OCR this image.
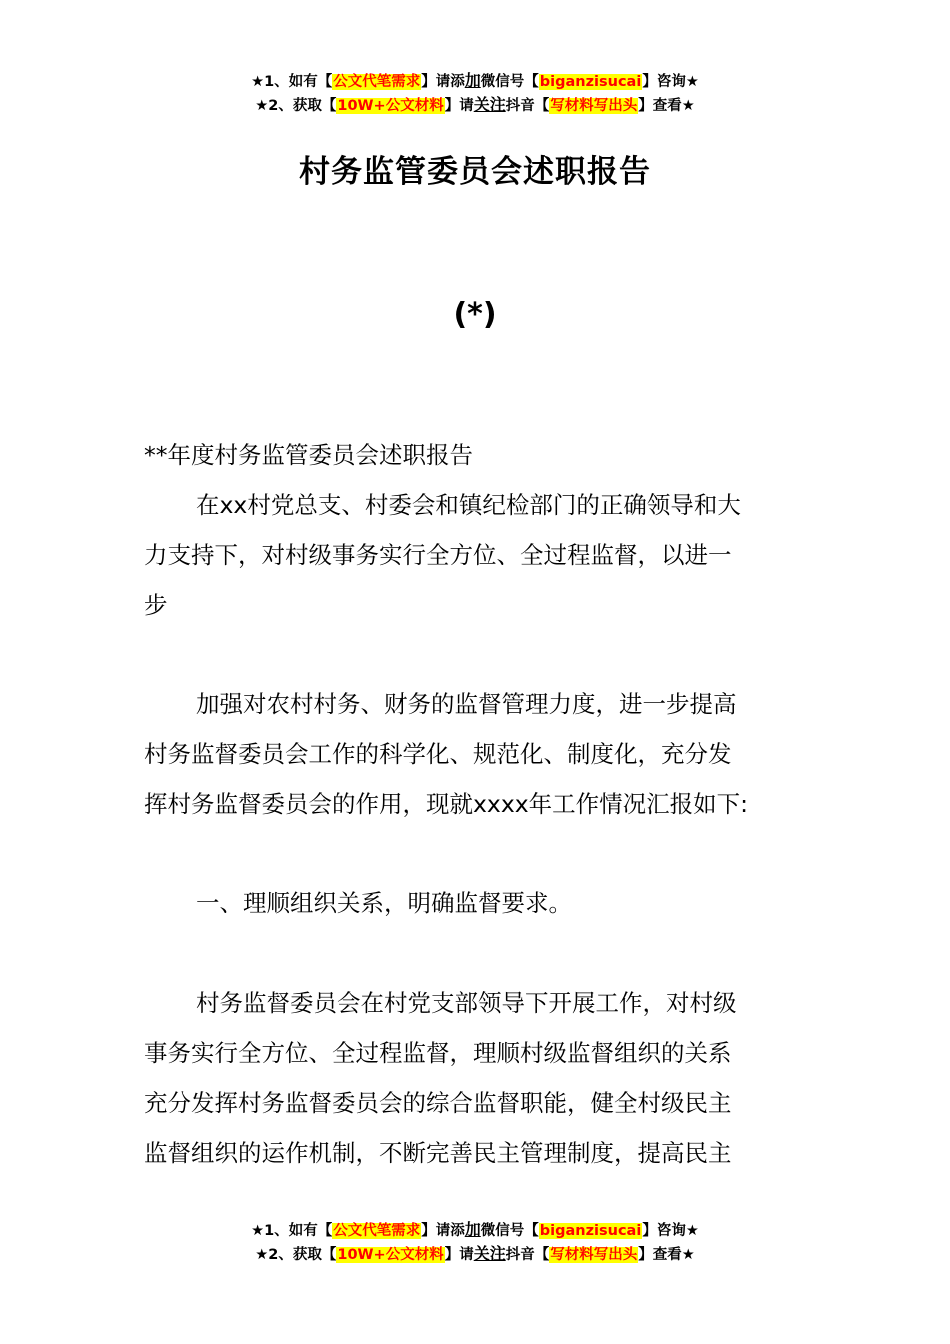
★1、如有【公文代笔需求】请添加微信号【biganzisucai】咨询★
★2、获取【10W+公文材料】请关注抖音【写材料写出头】查看★
村务监管委员会述职报告
(*)
**年度村务监管委员会述职报告
在xx村党总支、村委会和镇纪检部门的正确领导和大
力支持下，对村级事务实行全方位、全过程监督，以进一
步
加强对农村村务、财务的监督管理力度，进一步提高
村务监督委员会工作的科学化、规范化、制度化，充分发
挥村务监督委员会的作用，现就xxxx年工作情况汇报如下:
一、理顺组织关系，明确监督要求。
村务监督委员会在村党支部领导下开展工作，对村级
事务实行全方位、全过程监督，理顺村级监督组织的关系
充分发挥村务监督委员会的综合监督职能，健全村级民主
监督组织的运作机制，不断完善民主管理制度，提高民主
★1、如有【公文代笔需求】请添加微信号【biganzisucai】咨询★
★2、获取【10W+公文材料】请关注抖音【写材料写出头】查看★
